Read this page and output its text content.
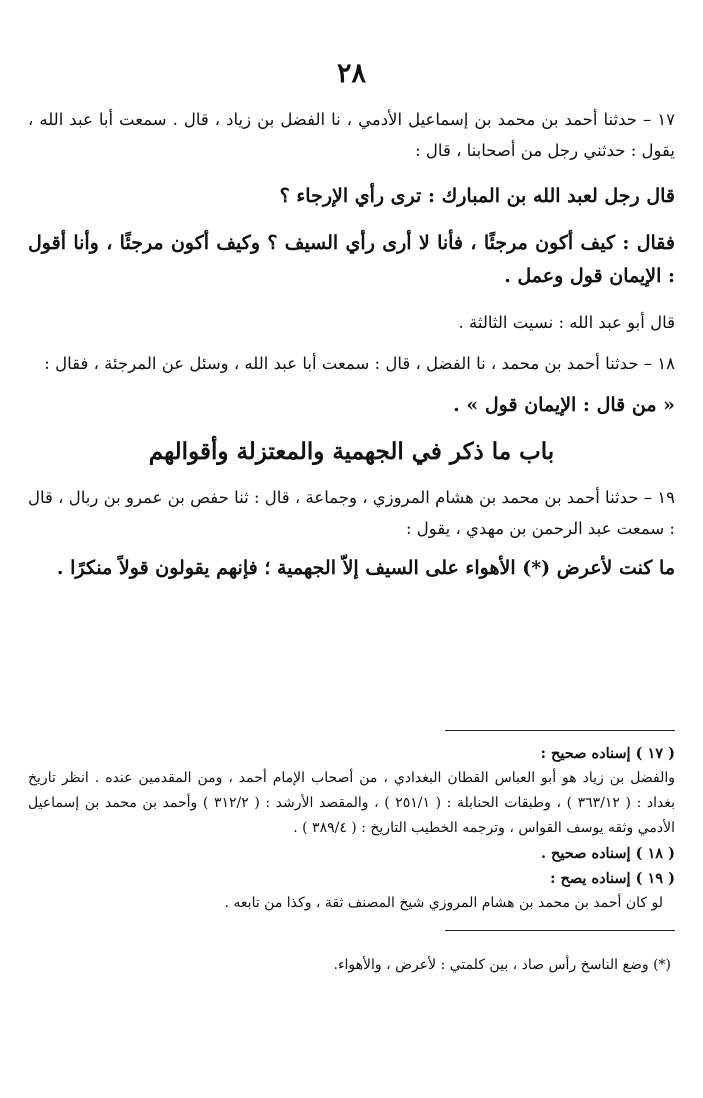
٢٨

١٧ – حدثنا أحمد بن محمد بن إسماعيل الأدمي ، نا الفضل بن زياد ، قال . سمعت أبا عبد الله ، يقول : حدثني رجل من أصحابنا ، قال :

قال رجل لعبد الله بن المبارك : ترى رأي الإرجاء ؟

فقال : كيف أكون مرجئًا ، فأنا لا أرى رأي السيف ؟ وكيف أكون مرجئًا ، وأنا أقول : الإيمان قول وعمل .

قال أبو عبد الله : نسيت الثالثة .

١٨ – حدثنا أحمد بن محمد ، نا الفضل ، قال : سمعت أبا عبد الله ، وسئل عن المرجئة ، فقال :

« من قال : الإيمان قول » .

باب ما ذكر في الجهمية والمعتزلة وأقوالهم

١٩ – حدثنا أحمد بن محمد بن هشام المروزي ، وجماعة ، قال : ثنا حفص بن عمرو بن ربال ، قال : سمعت عبد الرحمن بن مهدي ، يقول :

ما كنت لأعرض (*) الأهواء على السيف إلاّ الجهمية ؛ فإنهم يقولون قولاً منكرًا .

( ١٧ ) إسناده صحيح :

والفضل بن زياد هو أبو العباس القطان البغدادي ، من أصحاب الإمام أحمد ، ومن المقدمين عنده . انظر تاريخ بغداد : ( ٣٦٣/١٢ ) ، وطبقات الحنابلة : ( ٢٥١/١ ) ، والمقصد الأرشد : ( ٣١٢/٢ ) وأحمد بن محمد بن إسماعيل الأدمي وثقه يوسف القواس ، وترجمه الخطيب التاريخ : ( ٣٨٩/٤ ) .

( ١٨ ) إسناده صحيح .

( ١٩ ) إسناده يصح :

لو كان أحمد بن محمد بن هشام المروزي شيخ المصنف ثقة ، وكذا من تابعه .

(*) وضع الناسخ رأس صاد ، بين كلمتي : لأعرض ، والأهواء.
